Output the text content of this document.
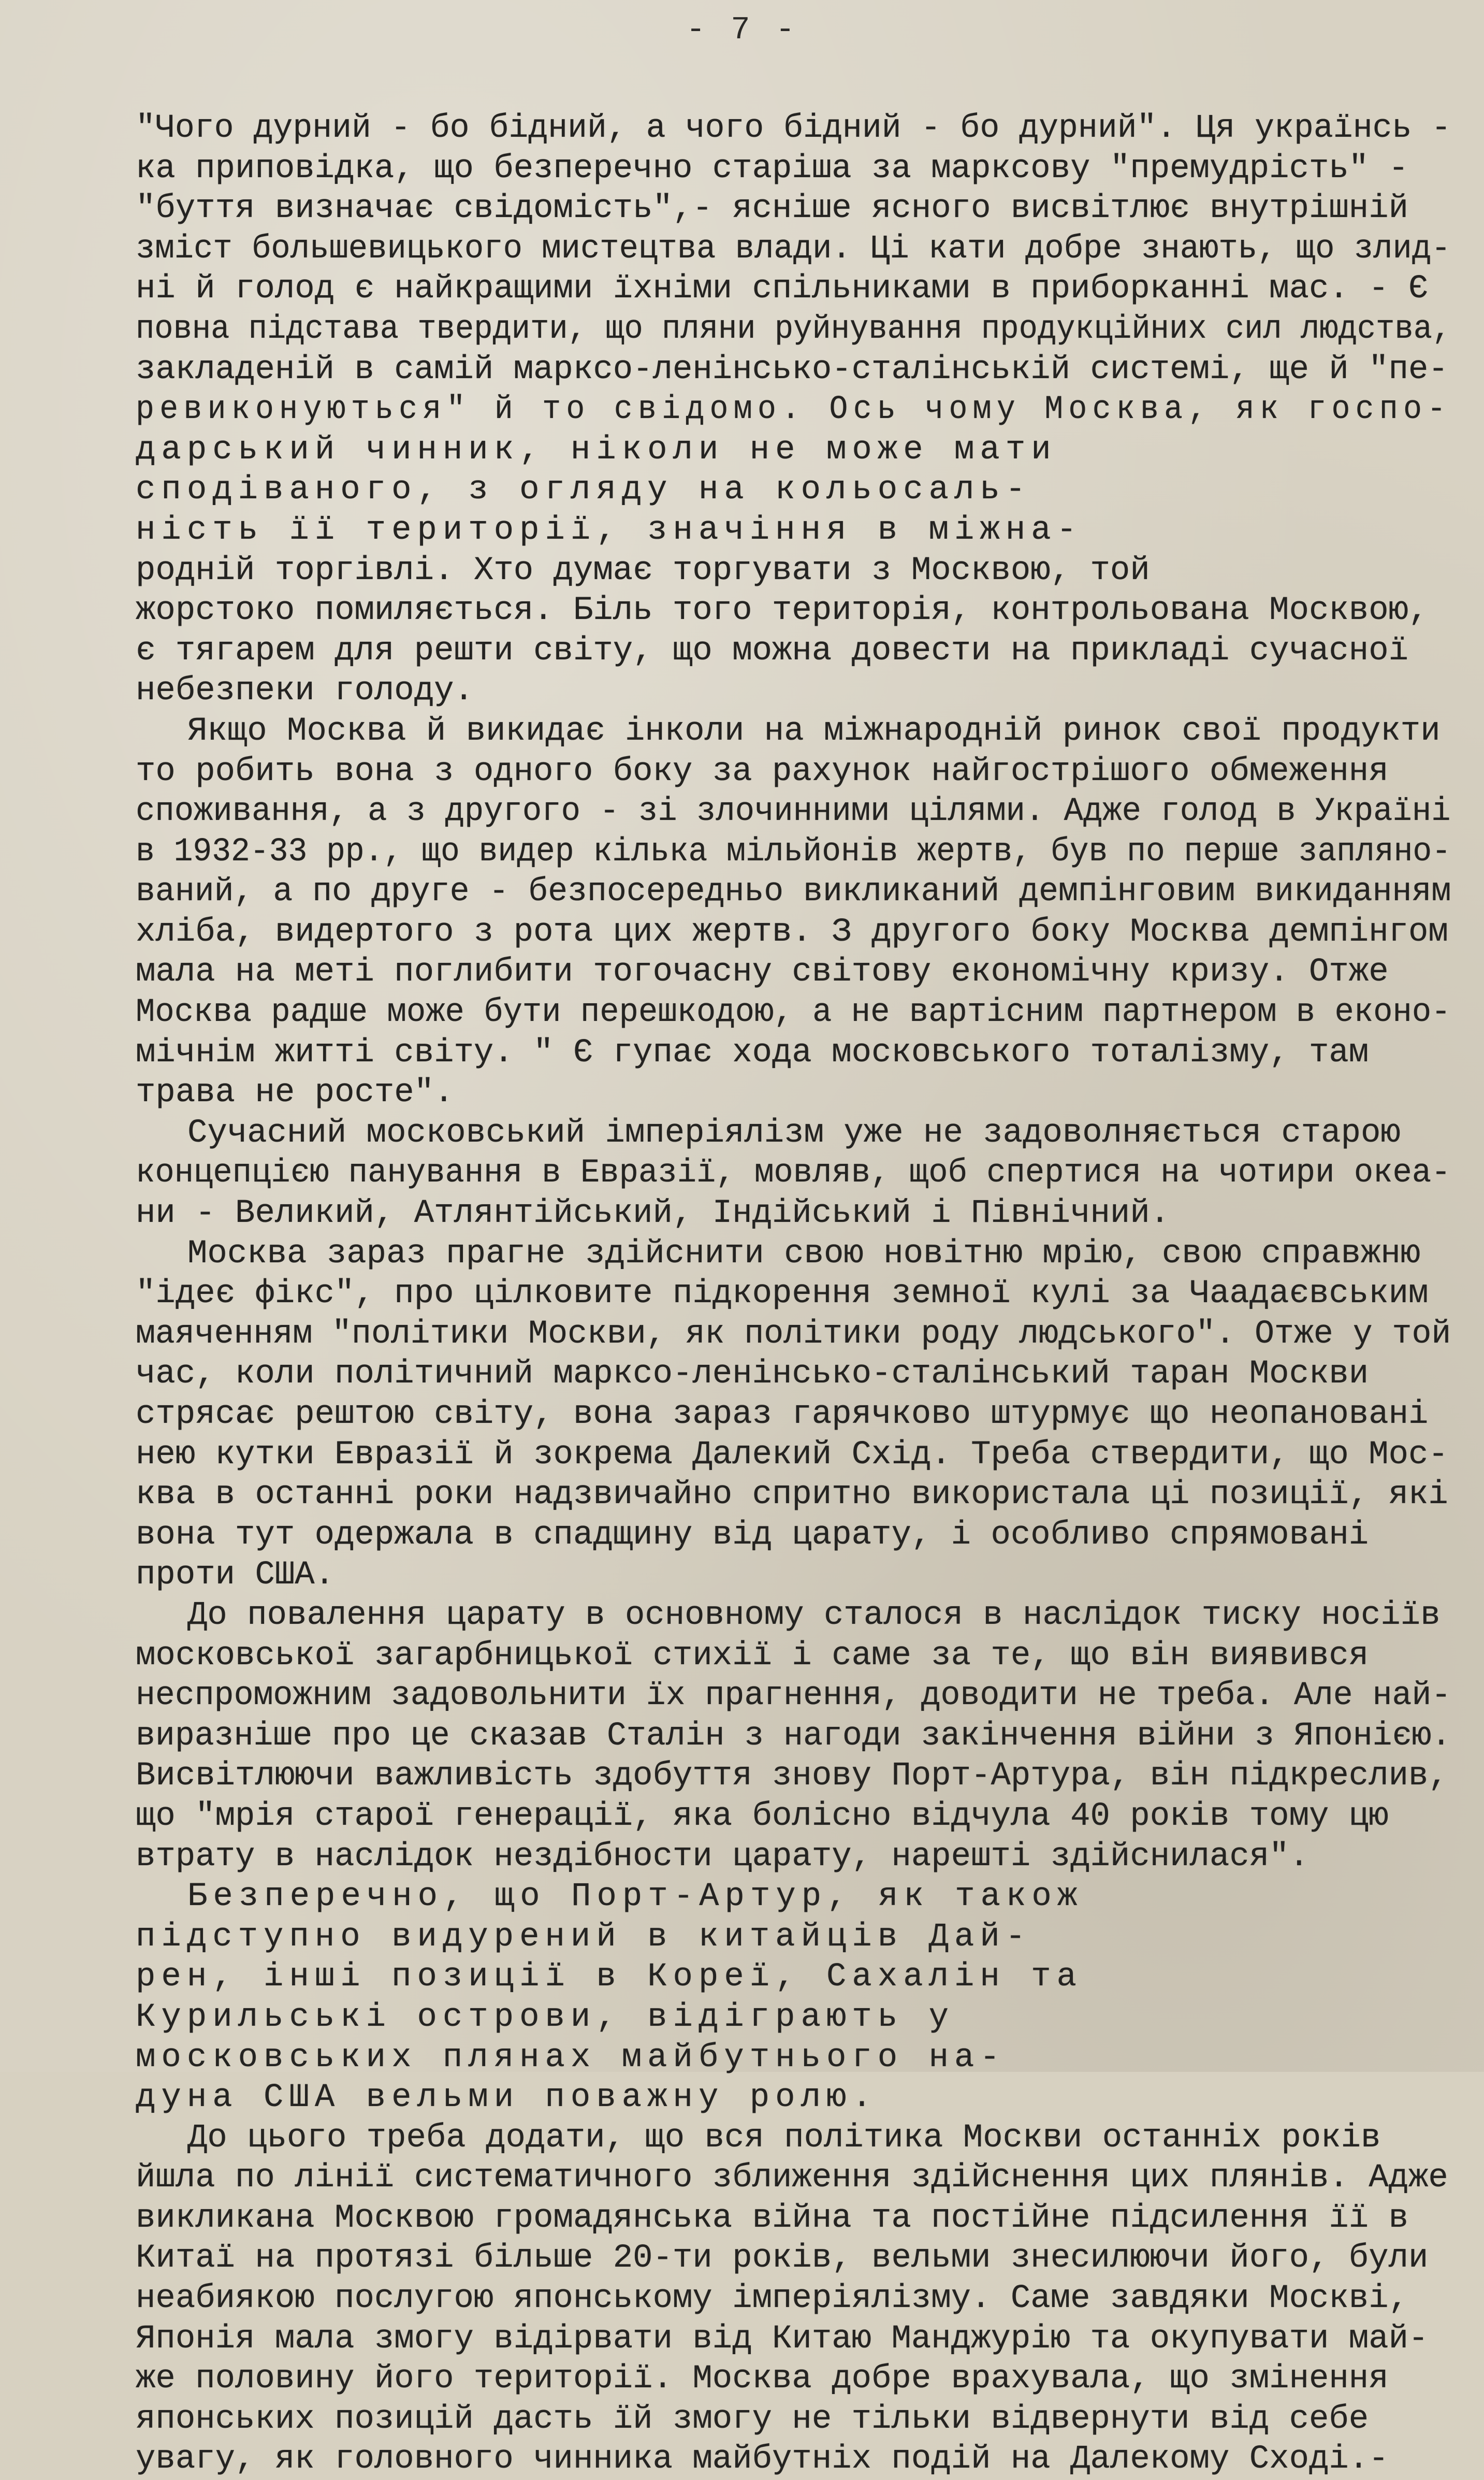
- 7 -
"Чого дурний - бо бідний, а чого бідний - бо дурний". Ця українсь -
ка приповідка, що безперечно старіша за марксову "премудрість" -
"буття визначає свідомість",- ясніше ясного висвітлює внутрішній
зміст большевицького мистецтва влади. Ці кати добре знають, що злид-
ні й голод є найкращими їхніми спільниками в приборканні мас. - Є
повна підстава твердити, що пляни руйнування продукційних сил людства,
закладеній в самій марксо-ленінсько-сталінській системі, ще й "пе-
ревиконуються" й то свідомо. Ось чому Москва, як госпо-
дарський чинник, ніколи не може мати
сподіваного, з огляду на кольосаль-
ність її території, значіння в міжна-
родній торгівлі. Хто думає торгувати з Москвою, той
жорстоко помиляється. Біль того територія, контрольована Москвою,
є тягарем для решти світу, що можна довести на прикладі сучасної
небезпеки голоду.
Якщо Москва й викидає інколи на міжнародній ринок свої продукти
то робить вона з одного боку за рахунок найгострішого обмеження
споживання, а з другого - зі злочинними цілями. Адже голод в Україні
в 1932-33 рр., що видер кілька мільйонів жертв, був по перше запляно-
ваний, а по друге - безпосередньо викликаний демпінговим викиданням
хліба, видертого з рота цих жертв. З другого боку Москва демпінгом
мала на меті поглибити тогочасну світову економічну кризу. Отже
Москва радше може бути перешкодою, а не вартісним партнером в еконо-
мічнім житті світу. " Є гупає хода московського тоталізму, там
трава не росте".
Сучасний московський імперіялізм уже не задоволняється старою
концепцією панування в Евразії, мовляв, щоб спертися на чотири океа-
ни - Великий, Атлянтійський, Індійський і Північний.
Москва зараз прагне здійснити свою новітню мрію, свою справжню
"ідеє фікс", про цілковите підкорення земної кулі за Чаадаєвським
маяченням "політики Москви, як політики роду людського". Отже у той
час, коли політичний марксо-ленінсько-сталінський таран Москви
стрясає рештою світу, вона зараз гарячково штурмує що неопановані
нею кутки Евразії й зокрема Далекий Схід. Треба ствердити, що Мос-
ква в останні роки надзвичайно спритно використала ці позиції, які
вона тут одержала в спадщину від царату, і особливо спрямовані
проти США.
До повалення царату в основному сталося в наслідок тиску носіїв
московської загарбницької стихії і саме за те, що він виявився
неспроможним задовольнити їх прагнення, доводити не треба. Але най-
виразніше про це сказав Сталін з нагоди закінчення війни з Японією.
Висвітлюючи важливість здобуття знову Порт-Артура, він підкреслив,
що "мрія старої генерації, яка болісно відчула 40 років тому цю
втрату в наслідок нездібности царату, нарешті здійснилася".
Безперечно, що Порт-Артур, як також
підступно видурений в китайців Дай-
рен, інші позиції в Кореї, Сахалін та
Курильські острови, відіграють у
московських плянах майбутнього на-
дуна США вельми поважну ролю.
До цього треба додати, що вся політика Москви останніх років
йшла по лінії систематичного зближення здійснення цих плянів. Адже
викликана Москвою громадянська війна та постійне підсилення її в
Китаї на протязі більше 20-ти років, вельми знесилюючи його, були
неабиякою послугою японському імперіялізму. Саме завдяки Москві,
Японія мала змогу відірвати від Китаю Манджурію та окупувати май-
же половину його території. Москва добре врахувала, що змінення
японських позицій дасть їй змогу не тільки відвернути від себе
увагу, як головного чинника майбутніх подій на Далекому Сході.-
